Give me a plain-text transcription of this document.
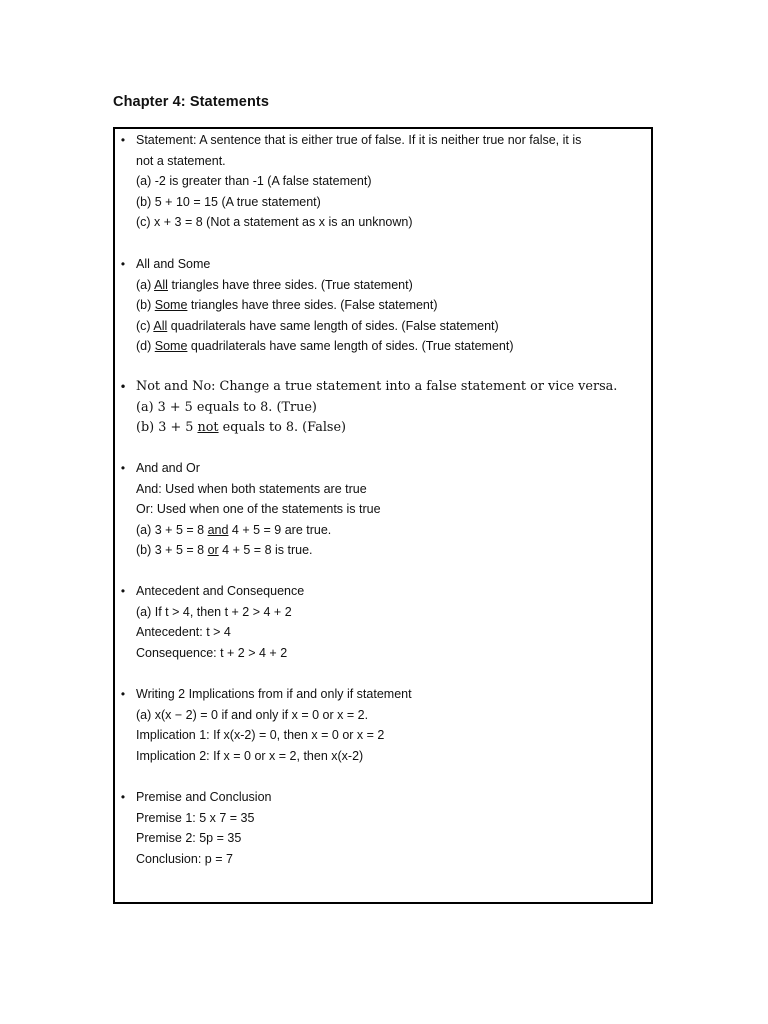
Chapter 4: Statements
• Statement: A sentence that is either true of false. If it is neither true nor false, it is
not a statement.
(a) -2 is greater than -1 (A false statement)
(b) 5 + 10 = 15 (A true statement)
(c) x + 3 = 8 (Not a statement as x is an unknown)
• All and Some
(a) All triangles have three sides. (True statement)
(b) Some triangles have three sides. (False statement)
(c) All quadrilaterals have same length of sides. (False statement)
(d) Some quadrilaterals have same length of sides. (True statement)
• Not and No: Change a true statement into a false statement or vice versa.
(a) 3 + 5 equals to 8. (True)
(b) 3 + 5 not equals to 8. (False)
• And and Or
And: Used when both statements are true
Or: Used when one of the statements is true
(a) 3 + 5 = 8 and 4 + 5 = 9 are true.
(b) 3 + 5 = 8 or 4 + 5 = 8 is true.
• Antecedent and Consequence
(a) If t > 4, then t + 2 > 4 + 2
Antecedent: t > 4
Consequence: t + 2 > 4 + 2
• Writing 2 Implications from if and only if statement
(a) x(x − 2) = 0 if and only if x = 0 or x = 2.
Implication 1: If x(x-2) = 0, then x = 0 or x = 2
Implication 2: If x = 0 or x = 2, then x(x-2)
• Premise and Conclusion
Premise 1: 5 x 7 = 35
Premise 2: 5p = 35
Conclusion: p = 7
